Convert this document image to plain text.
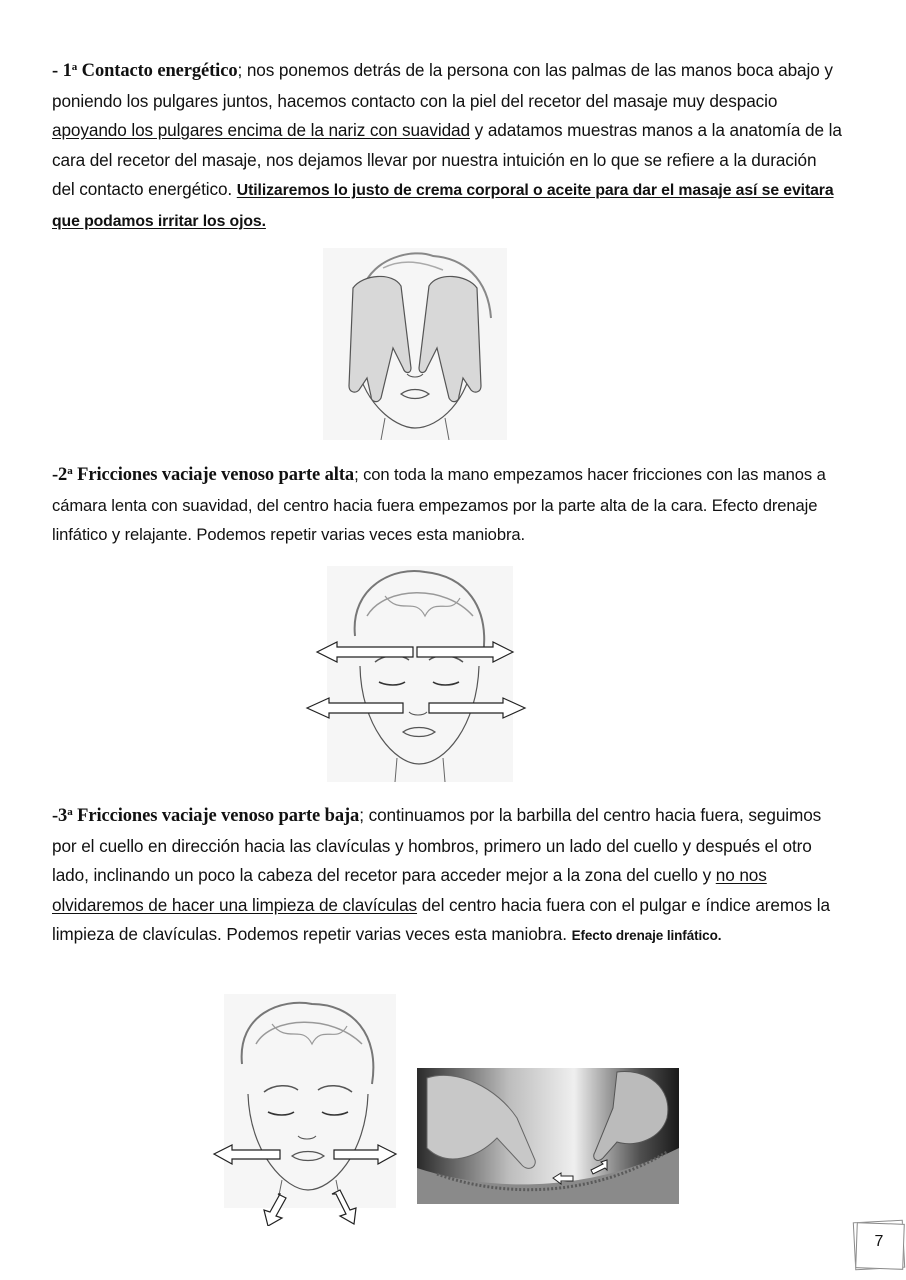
- 1$^a$ Contacto energético; nos ponemos detrás de la persona con las palmas de las manos boca abajo y poniendo los pulgares juntos, hacemos contacto con la piel del recetor del masaje muy despacio apoyando los pulgares encima de la nariz con suavidad y adatamos muestras manos a la anatomía de la cara del recetor del masaje, nos dejamos llevar por nuestra intuición en lo que se refiere a la duración del contacto energético. Utilizaremos lo justo de crema corporal o aceite para dar el masaje así se evitara que podamos irritar los ojos.
-2$^a$ Fricciones vaciaje venoso parte alta; con toda la mano empezamos hacer fricciones con las manos a cámara lenta con suavidad, del centro hacia fuera empezamos por la parte alta de la cara. Efecto drenaje linfático y relajante. Podemos repetir varias veces esta maniobra.
-3$^a$ Fricciones vaciaje venoso parte baja; continuamos por la barbilla del centro hacia fuera, seguimos por el cuello en dirección hacia las clavículas y hombros, primero un lado del cuello y después el otro lado, inclinando un poco la cabeza del recetor para acceder mejor a la zona del cuello y no nos olvidaremos de hacer una limpieza de clavículas del centro hacia fuera con el pulgar e índice aremos la limpieza de clavículas. Podemos repetir varias veces esta maniobra. Efecto drenaje linfático.
7
